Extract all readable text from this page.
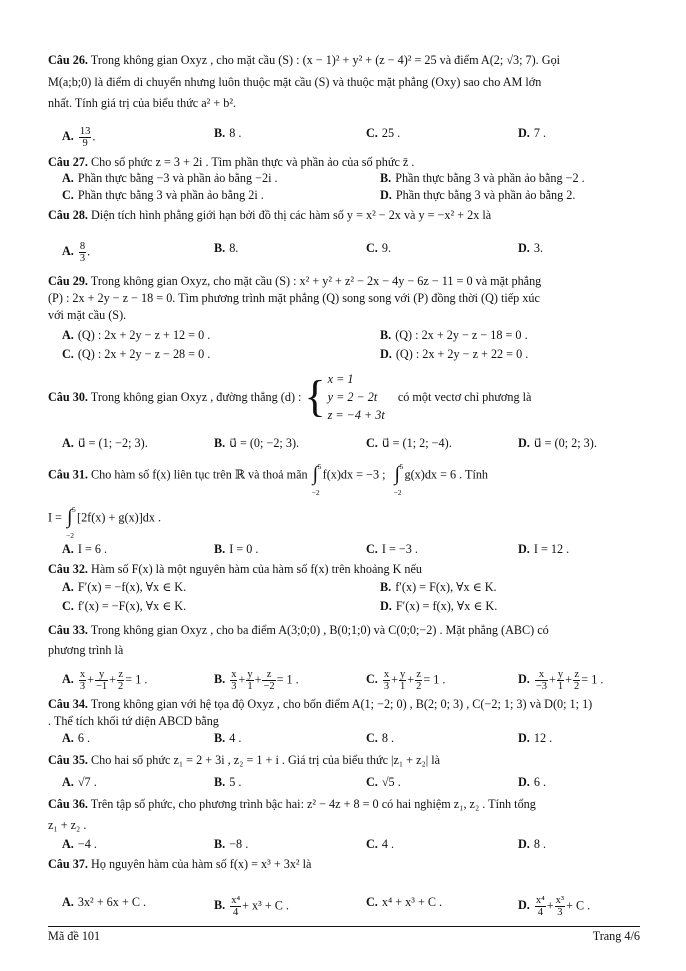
Câu 26. Trong không gian Oxyz , cho mặt cầu (S) : (x − 1)² + y² + (z − 4)² = 25 và điểm A(2; √3; 7). Gọi
M(a;b;0) là điểm di chuyển nhưng luôn thuộc mặt cầu (S) và thuộc mặt phẳng (Oxy) sao cho AM lớn
nhất. Tính giá trị của biểu thức a² + b².
A. $\frac{13}{9}$ .	B. 8 .	C. 25 .	D. 7 .
Câu 27. Cho số phức z = 3 + 2i . Tìm phần thực và phần ảo của số phức z̄ .
A. Phần thực bằng −3 và phần ảo bằng −2i .	B. Phần thực bằng 3 và phần ảo bằng −2 .
C. Phần thực bằng 3 và phần ảo bằng 2i .	D. Phần thực bằng 3 và phần ảo bằng 2.
Câu 28. Diện tích hình phẳng giới hạn bởi đồ thị các hàm số y = x² − 2x và y = −x² + 2x là
A. $\frac{8}{3}$ .	B. 8.	C. 9.	D. 3.
Câu 29. Trong không gian Oxyz, cho mặt cầu (S) : x² + y² + z² − 2x − 4y − 6z − 11 = 0 và mặt phẳng
(P) : 2x + 2y − z − 18 = 0. Tìm phương trình mặt phẳng (Q) song song với (P) đồng thời (Q) tiếp xúc
với mặt cầu (S).
A. (Q) : 2x + 2y − z + 12 = 0 .	B. (Q) : 2x + 2y − z − 18 = 0 .
C. (Q) : 2x + 2y − z − 28 = 0 .	D. (Q) : 2x + 2y − z + 22 = 0 .
Câu 30. Trong không gian Oxyz , đường thẳng (d) : { x = 1
y = 2 − 2t
z = −4 + 3t
có một vectơ chỉ phương là
A. u⃗ = (1; −2; 3).	B. u⃗ = (0; −2; 3).	C. u⃗ = (1; 2; −4).	D. u⃗ = (0; 2; 3).
Câu 31. Cho hàm số f(x) liên tục trên ℝ và thoả mãn
5
∫
−2
f(x)dx = −3 ;
5
∫
−2
g(x)dx = 6 . Tính
I =
5
∫
−2
[2f(x) + g(x)]dx .
A. I = 6 .	B. I = 0 .	C. I = −3 .	D. I = 12 .
Câu 32. Hàm số F(x) là một nguyên hàm của hàm số f(x) trên khoảng K nếu
A. F′(x) = −f(x), ∀x ∈ K.	B. f′(x) = F(x), ∀x ∈ K.
C. f′(x) = −F(x), ∀x ∈ K.	D. F′(x) = f(x), ∀x ∈ K.
Câu 33. Trong không gian Oxyz , cho ba điểm A(3;0;0) , B(0;1;0) và C(0;0;−2) . Mặt phẳng (ABC) có
phương trình là
A. $\frac{x}{3} + \frac{y}{-1} + \frac{z}{2} = 1$ .	B. $\frac{x}{3} + \frac{y}{1} + \frac{z}{-2} = 1$ .	C. $\frac{x}{3} + \frac{y}{1} + \frac{z}{2} = 1$ .	D. $\frac{x}{-3} + \frac{y}{1} + \frac{z}{2} = 1$ .
Câu 34. Trong không gian với hệ tọa độ Oxyz , cho bốn điểm A(1; −2; 0) , B(2; 0; 3) , C(−2; 1; 3) và D(0; 1; 1)
. Thể tích khối tứ diện ABCD bằng
A. 6 .	B. 4 .	C. 8 .	D. 12 .
Câu 35. Cho hai số phức z₁ = 2 + 3i , z₂ = 1 + i . Giá trị của biểu thức |z₁ + z₂| là
A. √7 .	B. 5 .	C. √5 .	D. 6 .
Câu 36. Trên tập số phức, cho phương trình bậc hai: z² − 4z + 8 = 0 có hai nghiệm z₁, z₂ . Tính tổng
z₁ + z₂ .
A. −4 .	B. −8 .	C. 4 .	D. 8 .
Câu 37. Họ nguyên hàm của hàm số f(x) = x³ + 3x² là
A. 3x² + 6x + C .	B. $\frac{\text{x⁴}}{4} + x^3 + C$ .	C. x⁴ + x³ + C .	D. $\frac{\text{x⁴}}{4} + \frac{\text{x³}}{3} + C$ .
Mã đề 101	Trang 4/6
